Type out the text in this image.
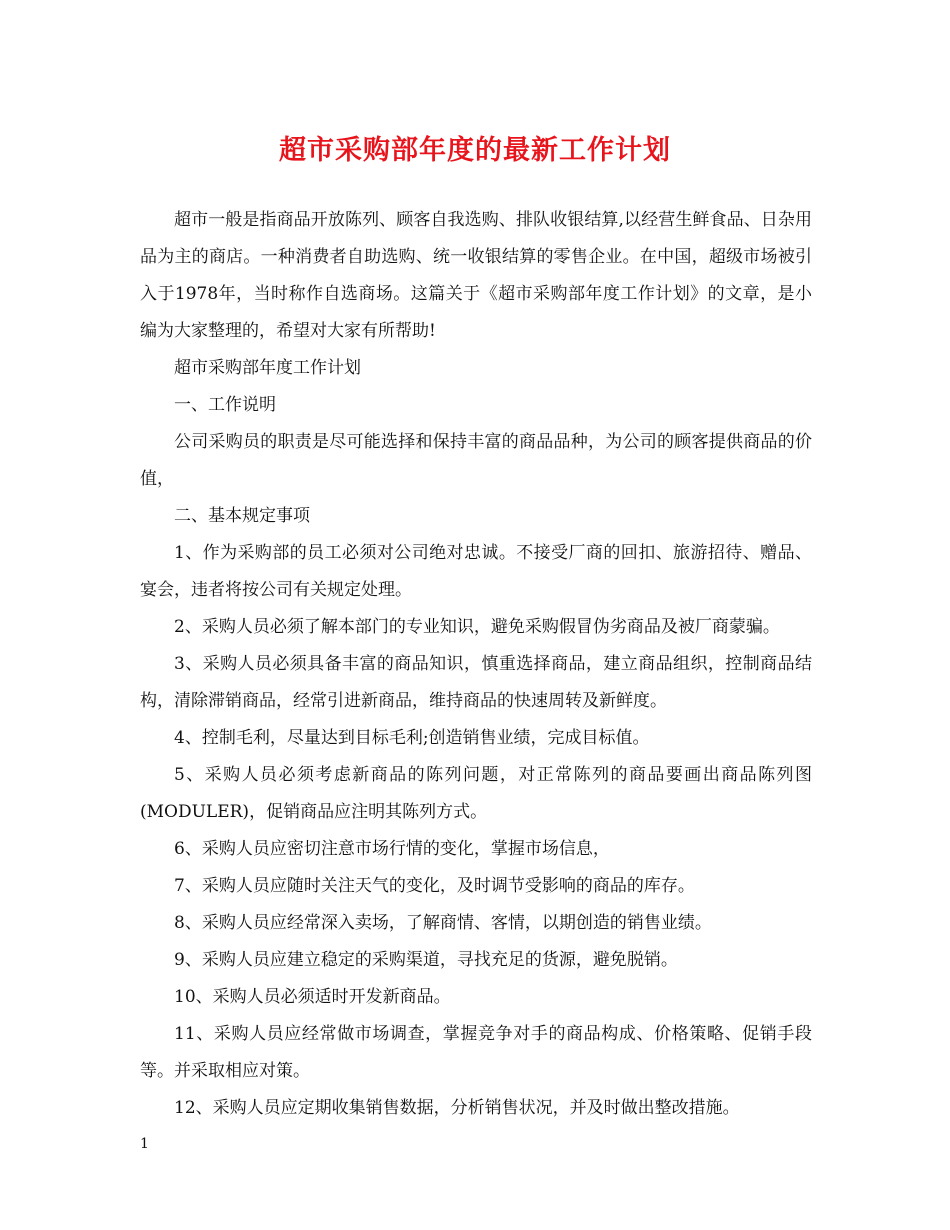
超市采购部年度的最新工作计划

超市一般是指商品开放陈列、顾客自我选购、排队收银结算,以经营生鲜食品、日杂用品为主的商店。一种消费者自助选购、统一收银结算的零售企业。在中国，超级市场被引入于1978年，当时称作自选商场。这篇关于《超市采购部年度工作计划》的文章，是小编为大家整理的，希望对大家有所帮助!

超市采购部年度工作计划

一、工作说明

公司采购员的职责是尽可能选择和保持丰富的商品品种，为公司的顾客提供商品的价值，

二、基本规定事项

1、作为采购部的员工必须对公司绝对忠诚。不接受厂商的回扣、旅游招待、赠品、宴会，违者将按公司有关规定处理。

2、采购人员必须了解本部门的专业知识，避免采购假冒伪劣商品及被厂商蒙骗。

3、采购人员必须具备丰富的商品知识，慎重选择商品，建立商品组织，控制商品结构，清除滞销商品，经常引进新商品，维持商品的快速周转及新鲜度。

4、控制毛利，尽量达到目标毛利;创造销售业绩，完成目标值。

5、采购人员必须考虑新商品的陈列问题，对正常陈列的商品要画出商品陈列图(MODULER)，促销商品应注明其陈列方式。

6、采购人员应密切注意市场行情的变化，掌握市场信息，

7、采购人员应随时关注天气的变化，及时调节受影响的商品的库存。

8、采购人员应经常深入卖场，了解商情、客情，以期创造的销售业绩。

9、采购人员应建立稳定的采购渠道，寻找充足的货源，避免脱销。

10、采购人员必须适时开发新商品。

11、采购人员应经常做市场调查，掌握竞争对手的商品构成、价格策略、促销手段等。并采取相应对策。

12、采购人员应定期收集销售数据，分析销售状况，并及时做出整改措施。

1
